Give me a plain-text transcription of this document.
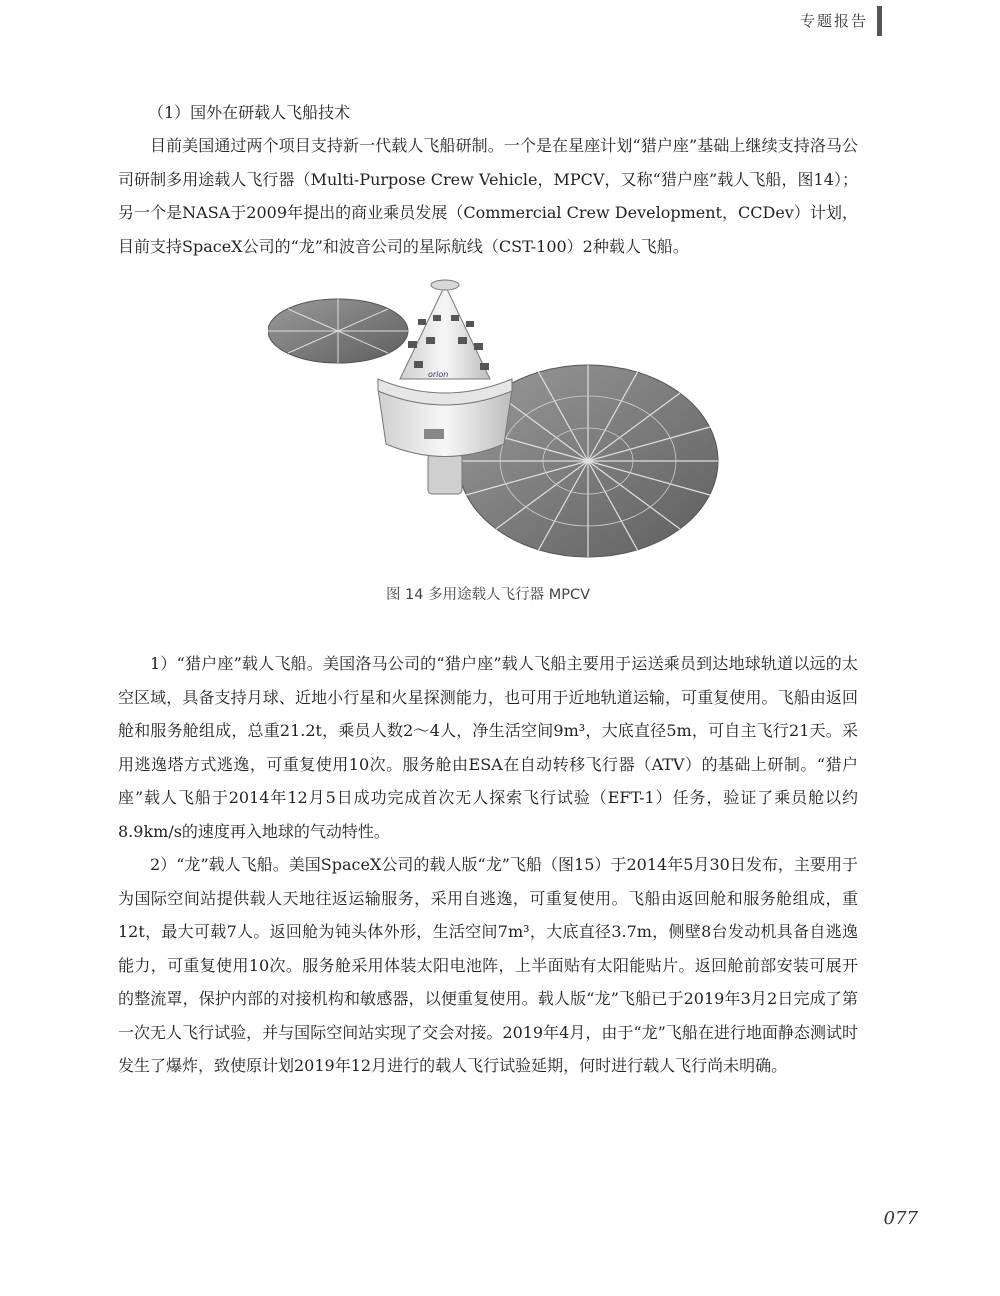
专题报告

（1）国外在研载人飞船技术

目前美国通过两个项目支持新一代载人飞船研制。一个是在星座计划“猎户座”基础上继续支持洛马公司研制多用途载人飞行器（Multi-Purpose Crew Vehicle，MPCV，又称“猎户座”载人飞船，图14）；另一个是NASA于2009年提出的商业乘员发展（Commercial Crew Development，CCDev）计划，目前支持SpaceX公司的“龙”和波音公司的星际航线（CST-100）2种载人飞船。

orion

图 14 多用途载人飞行器 MPCV

1）“猎户座”载人飞船。美国洛马公司的“猎户座”载人飞船主要用于运送乘员到达地球轨道以远的太空区域，具备支持月球、近地小行星和火星探测能力，也可用于近地轨道运输，可重复使用。飞船由返回舱和服务舱组成，总重21.2t，乘员人数2～4人，净生活空间9m³，大底直径5m，可自主飞行21天。采用逃逸塔方式逃逸，可重复使用10次。服务舱由ESA在自动转移飞行器（ATV）的基础上研制。“猎户座”载人飞船于2014年12月5日成功完成首次无人探索飞行试验（EFT-1）任务，验证了乘员舱以约8.9km/s的速度再入地球的气动特性。

2）“龙”载人飞船。美国SpaceX公司的载人版“龙”飞船（图15）于2014年5月30日发布，主要用于为国际空间站提供载人天地往返运输服务，采用自逃逸，可重复使用。飞船由返回舱和服务舱组成，重12t，最大可载7人。返回舱为钝头体外形，生活空间7m³，大底直径3.7m，侧壁8台发动机具备自逃逸能力，可重复使用10次。服务舱采用体装太阳电池阵，上半面贴有太阳能贴片。返回舱前部安装可展开的整流罩，保护内部的对接机构和敏感器，以便重复使用。载人版“龙”飞船已于2019年3月2日完成了第一次无人飞行试验，并与国际空间站实现了交会对接。2019年4月，由于“龙”飞船在进行地面静态测试时发生了爆炸，致使原计划2019年12月进行的载人飞行试验延期，何时进行载人飞行尚未明确。

077
